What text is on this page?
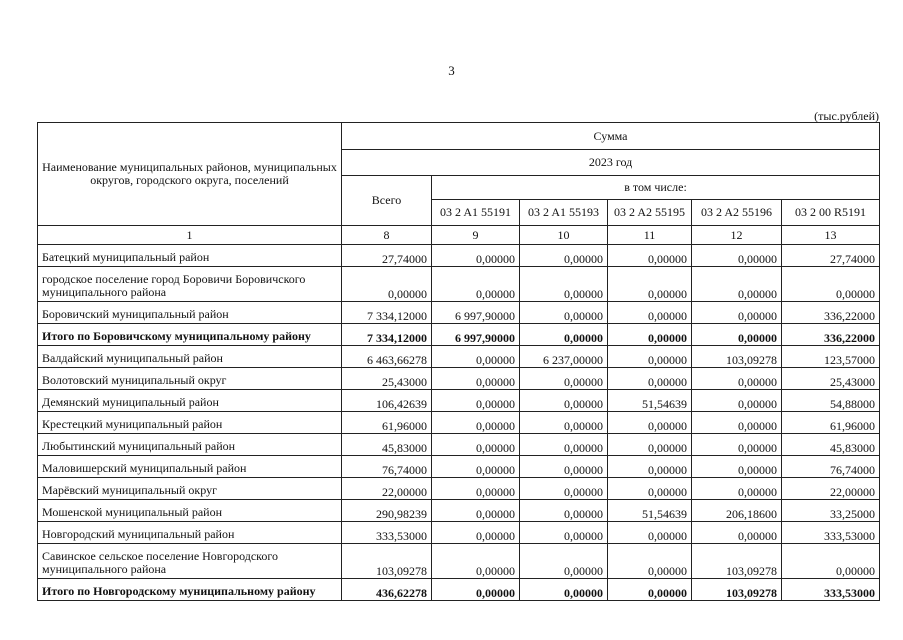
3
(тыс.рублей)
Наименование муниципальных районов, муниципальных округов, городского округа, поселений	Сумма					
	2023 год					
	Всего	в том числе:				
		03 2 A1 55191	03 2 A1 55193	03 2 A2 55195	03 2 A2 55196	03 2 00 R5191
1	8	9	10	11	12	13
Батецкий муниципальный район	27,74000	0,00000	0,00000	0,00000	0,00000	27,74000
городское поселение город Боровичи Боровичского муниципального района	0,00000	0,00000	0,00000	0,00000	0,00000	0,00000
Боровичский муниципальный район	7 334,12000	6 997,90000	0,00000	0,00000	0,00000	336,22000
Итого по Боровичскому муниципальному району	7 334,12000	6 997,90000	0,00000	0,00000	0,00000	336,22000
Валдайский муниципальный район	6 463,66278	0,00000	6 237,00000	0,00000	103,09278	123,57000
Волотовский муниципальный округ	25,43000	0,00000	0,00000	0,00000	0,00000	25,43000
Демянский муниципальный район	106,42639	0,00000	0,00000	51,54639	0,00000	54,88000
Крестецкий муниципальный район	61,96000	0,00000	0,00000	0,00000	0,00000	61,96000
Любытинский муниципальный район	45,83000	0,00000	0,00000	0,00000	0,00000	45,83000
Маловишерский муниципальный район	76,74000	0,00000	0,00000	0,00000	0,00000	76,74000
Марёвский муниципальный округ	22,00000	0,00000	0,00000	0,00000	0,00000	22,00000
Мошенской муниципальный район	290,98239	0,00000	0,00000	51,54639	206,18600	33,25000
Новгородский муниципальный район	333,53000	0,00000	0,00000	0,00000	0,00000	333,53000
Савинское сельское поселение Новгородского муниципального района	103,09278	0,00000	0,00000	0,00000	103,09278	0,00000
Итого по Новгородскому муниципальному району	436,62278	0,00000	0,00000	0,00000	103,09278	333,53000
